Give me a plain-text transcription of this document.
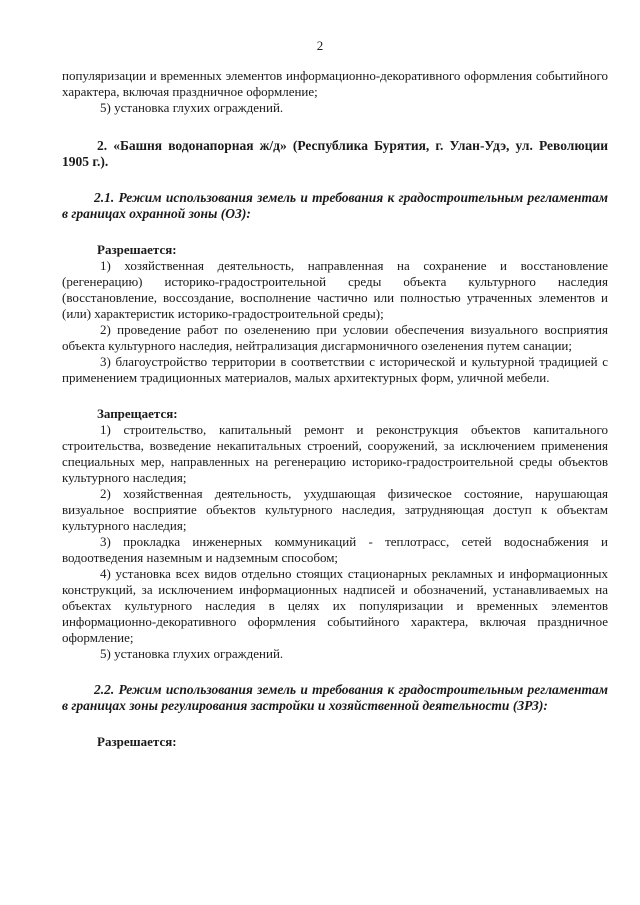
2

популяризации и временных элементов информационно-декоративного оформления событийного характера, включая праздничное оформление;

5) установка глухих ограждений.

2. «Башня водонапорная ж/д» (Республика Бурятия, г. Улан-Удэ, ул. Революции 1905 г.).

2.1. Режим использования земель и требования к градостроительным регламентам в границах охранной зоны (ОЗ):

Разрешается:

1) хозяйственная деятельность, направленная на сохранение и восстановление (регенерацию) историко-градостроительной среды объекта культурного наследия (восстановление, воссоздание, восполнение частично или полностью утраченных элементов и (или) характеристик историко-градостроительной среды);

2) проведение работ по озеленению при условии обеспечения визуального восприятия объекта культурного наследия, нейтрализация дисгармоничного озеленения путем санации;

3) благоустройство территории в соответствии с исторической и культурной традицией с применением традиционных материалов, малых архитектурных форм, уличной мебели.

Запрещается:

1) строительство, капитальный ремонт и реконструкция объектов капитального строительства, возведение некапитальных строений, сооружений, за исключением применения специальных мер, направленных на регенерацию историко-градостроительной среды объектов культурного наследия;

2) хозяйственная деятельность, ухудшающая физическое состояние, нарушающая визуальное восприятие объектов культурного наследия, затрудняющая доступ к объектам культурного наследия;

3) прокладка инженерных коммуникаций - теплотрасс, сетей водоснабжения и водоотведения наземным и надземным способом;

4) установка всех видов отдельно стоящих стационарных рекламных и информационных конструкций, за исключением информационных надписей и обозначений, устанавливаемых на объектах культурного наследия в целях их популяризации и временных элементов информационно-декоративного оформления событийного характера, включая праздничное оформление;

5) установка глухих ограждений.

2.2. Режим использования земель и требования к градостроительным регламентам в границах зоны регулирования застройки и хозяйственной деятельности (ЗРЗ):

Разрешается:
